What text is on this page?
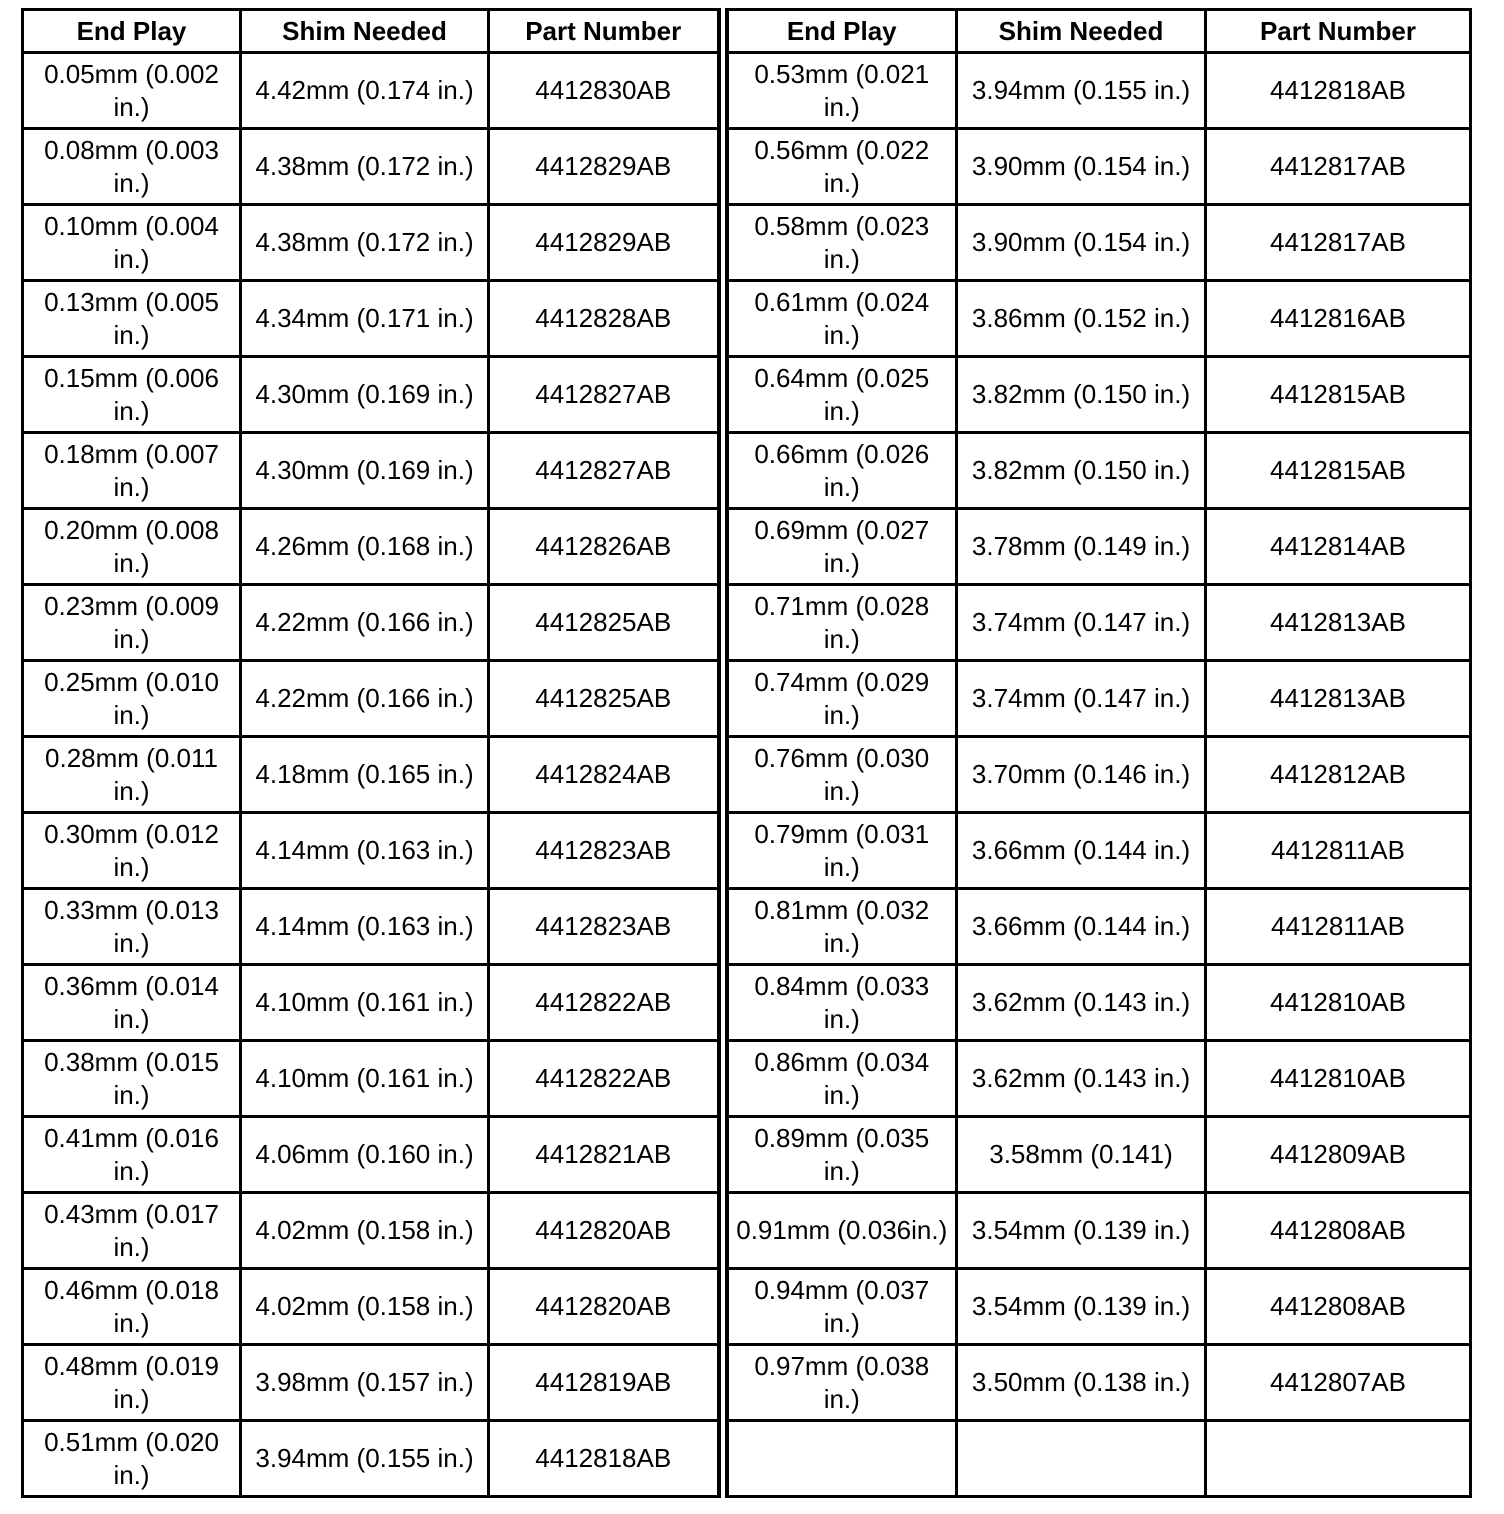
End Play	Shim Needed	Part Number	End Play	Shim Needed	Part Number
0.05mm (0.002 in.)	4.42mm (0.174 in.)	4412830AB	0.53mm (0.021 in.)	3.94mm (0.155 in.)	4412818AB
0.08mm (0.003 in.)	4.38mm (0.172 in.)	4412829AB	0.56mm (0.022 in.)	3.90mm (0.154 in.)	4412817AB
0.10mm (0.004 in.)	4.38mm (0.172 in.)	4412829AB	0.58mm (0.023 in.)	3.90mm (0.154 in.)	4412817AB
0.13mm (0.005 in.)	4.34mm (0.171 in.)	4412828AB	0.61mm (0.024 in.)	3.86mm (0.152 in.)	4412816AB
0.15mm (0.006 in.)	4.30mm (0.169 in.)	4412827AB	0.64mm (0.025 in.)	3.82mm (0.150 in.)	4412815AB
0.18mm (0.007 in.)	4.30mm (0.169 in.)	4412827AB	0.66mm (0.026 in.)	3.82mm (0.150 in.)	4412815AB
0.20mm (0.008 in.)	4.26mm (0.168 in.)	4412826AB	0.69mm (0.027 in.)	3.78mm (0.149 in.)	4412814AB
0.23mm (0.009 in.)	4.22mm (0.166 in.)	4412825AB	0.71mm (0.028 in.)	3.74mm (0.147 in.)	4412813AB
0.25mm (0.010 in.)	4.22mm (0.166 in.)	4412825AB	0.74mm (0.029 in.)	3.74mm (0.147 in.)	4412813AB
0.28mm (0.011 in.)	4.18mm (0.165 in.)	4412824AB	0.76mm (0.030 in.)	3.70mm (0.146 in.)	4412812AB
0.30mm (0.012 in.)	4.14mm (0.163 in.)	4412823AB	0.79mm (0.031 in.)	3.66mm (0.144 in.)	4412811AB
0.33mm (0.013 in.)	4.14mm (0.163 in.)	4412823AB	0.81mm (0.032 in.)	3.66mm (0.144 in.)	4412811AB
0.36mm (0.014 in.)	4.10mm (0.161 in.)	4412822AB	0.84mm (0.033 in.)	3.62mm (0.143 in.)	4412810AB
0.38mm (0.015 in.)	4.10mm (0.161 in.)	4412822AB	0.86mm (0.034 in.)	3.62mm (0.143 in.)	4412810AB
0.41mm (0.016 in.)	4.06mm (0.160 in.)	4412821AB	0.89mm (0.035 in.)	3.58mm (0.141)	4412809AB
0.43mm (0.017 in.)	4.02mm (0.158 in.)	4412820AB	0.91mm (0.036in.)	3.54mm (0.139 in.)	4412808AB
0.46mm (0.018 in.)	4.02mm (0.158 in.)	4412820AB	0.94mm (0.037 in.)	3.54mm (0.139 in.)	4412808AB
0.48mm (0.019 in.)	3.98mm (0.157 in.)	4412819AB	0.97mm (0.038 in.)	3.50mm (0.138 in.)	4412807AB
0.51mm (0.020 in.)	3.94mm (0.155 in.)	4412818AB			
